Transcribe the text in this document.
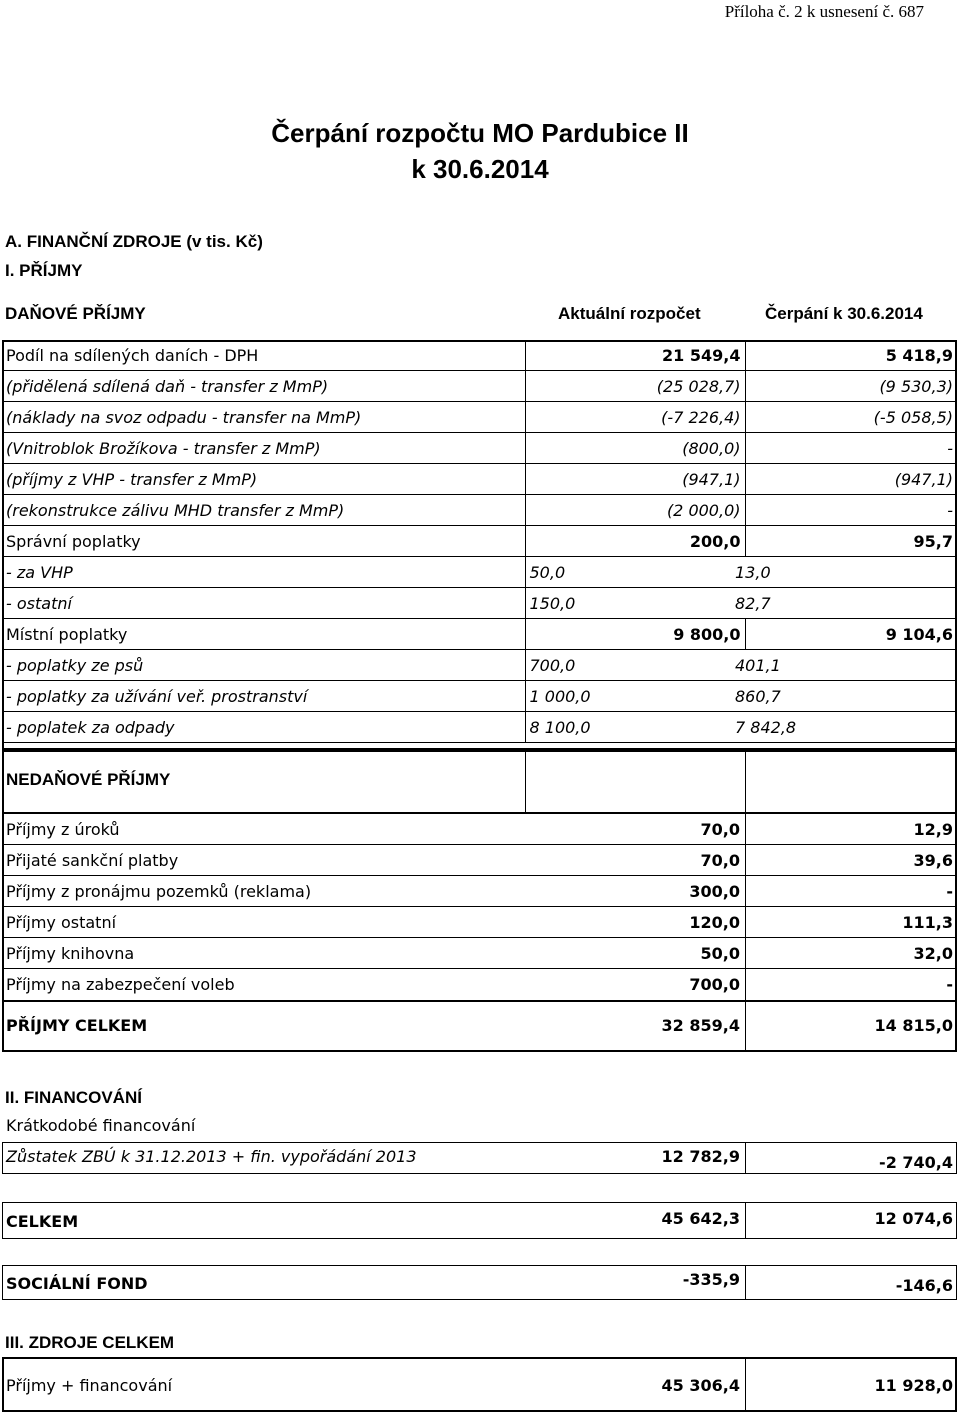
Příloha č. 2 k usnesení č. 687
Čerpání rozpočtu MO Pardubice II
k 30.6.2014
A. FINANČNÍ ZDROJE (v tis. Kč)
I. PŘÍJMY
DAŇOVÉ PŘÍJMY	Aktuální rozpočet	Čerpání k 30.6.2014
Podíl na sdílených daních - DPH	21 549,4	5 418,9
(přidělená sdílená daň - transfer z MmP)	(25 028,7)	(9 530,3)
(náklady na svoz odpadu - transfer na MmP)	(-7 226,4)	(-5 058,5)
(Vnitroblok Brožíkova - transfer z MmP)	(800,0)	-
(příjmy z VHP - transfer z MmP)	(947,1)	(947,1)
(rekonstrukce zálivu MHD transfer z MmP)	(2 000,0)	-
Správní poplatky	200,0	95,7
- za VHP	50,0	13,0
- ostatní	150,0	82,7
Místní poplatky	9 800,0	9 104,6
- poplatky ze psů	700,0	401,1
- poplatky za užívání veř. prostranství	1 000,0	860,7
- poplatek za odpady	8 100,0	7 842,8
NEDAŇOVÉ PŘÍJMY
Příjmy z úroků	70,0	12,9
Přijaté sankční platby	70,0	39,6
Příjmy z pronájmu pozemků (reklama)	300,0	-
Příjmy ostatní	120,0	111,3
Příjmy knihovna	50,0	32,0
Příjmy na zabezpečení voleb	700,0	-
PŘÍJMY CELKEM	32 859,4	14 815,0
II. FINANCOVÁNÍ
Krátkodobé financování
Zůstatek ZBÚ k 31.12.2013 + fin. vypořádání 2013	12 782,9	-2 740,4
CELKEM	45 642,3	12 074,6
SOCIÁLNÍ FOND	-335,9	-146,6
III. ZDROJE CELKEM
Příjmy + financování	45 306,4	11 928,0
